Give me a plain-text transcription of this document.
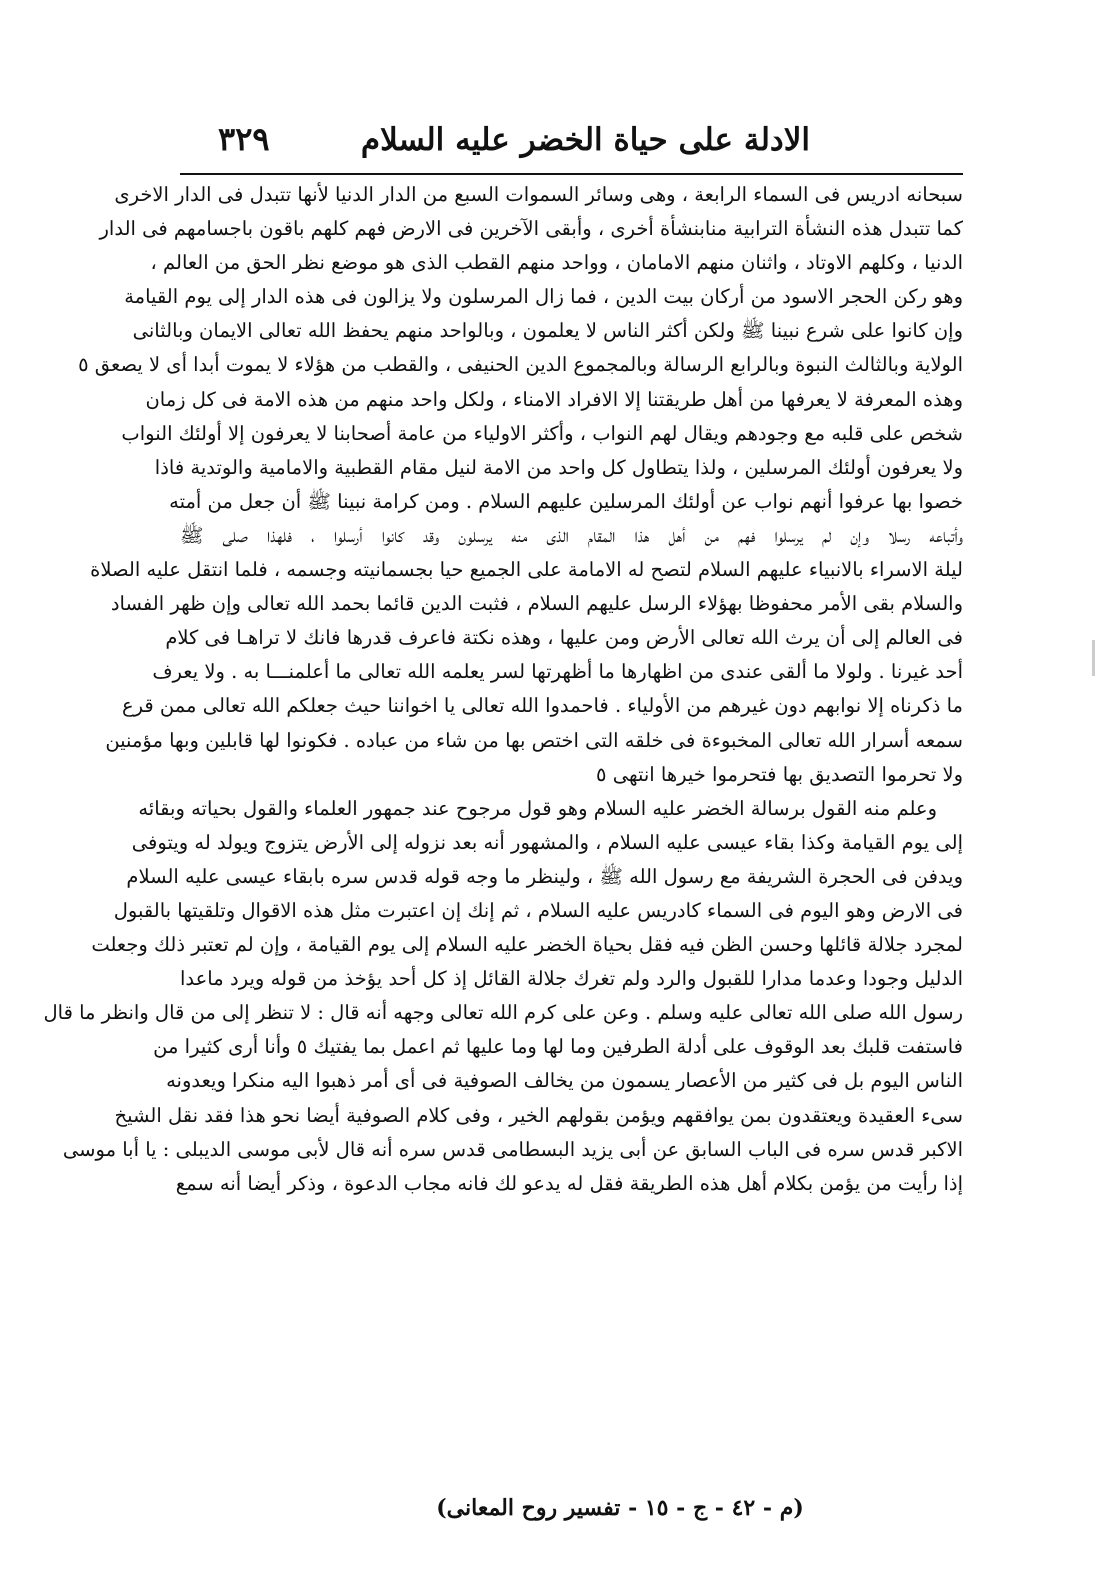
الادلة على حياة الخضر عليه السلام
٣٢٩
سبحانه ادريس فى السماء الرابعة ، وهى وسائر السموات السبع من الدار الدنيا لأنها تتبدل فى الدار الاخرى
كما تتبدل هذه النشأة الترابية منابنشأة أخرى ، وأبقى الآخرين فى الارض فهم كلهم باقون باجسامهم فى الدار
الدنيا ، وكلهم الاوتاد ، واثنان منهم الامامان ، وواحد منهم القطب الذى هو موضع نظر الحق من العالم ،
وهو ركن الحجر الاسود من أركان بيت الدين ، فما زال المرسلون ولا يزالون فى هذه الدار إلى يوم القيامة
وإن كانوا على شرع نبينا ﷺ ولكن أكثر الناس لا يعلمون ، وبالواحد منهم يحفظ الله تعالى الايمان وبالثانى
الولاية وبالثالث النبوة وبالرابع الرسالة وبالمجموع الدين الحنيفى ، والقطب من هؤلاء لا يموت أبدا أى لا يصعق ‪٥
وهذه المعرفة لا يعرفها من أهل طريقتنا إلا الافراد الامناء ، ولكل واحد منهم من هذه الامة فى كل زمان
شخص على قلبه مع وجودهم ويقال لهم النواب ، وأكثر الاولياء من عامة أصحابنا لا يعرفون إلا أولئك النواب
ولا يعرفون أولئك المرسلين ، ولذا يتطاول كل واحد من الامة لنيل مقام القطبية والامامية والوتدية فاذا
خصوا بها عرفوا أنهم نواب عن أولئك المرسلين عليهم السلام . ومن كرامة نبينا ﷺ أن جعل من أمته
وأتباعه رسلا وإن لم يرسلوا فهم من أهل هذا المقام الذى منه يرسلون وقد كانوا أرسلوا ، فلهذا صلى ﷺ
ليلة الاسراء بالانبياء عليهم السلام لتصح له الامامة على الجميع حيا بجسمانيته وجسمه ، فلما انتقل عليه الصلاة
والسلام بقى الأمر محفوظا بهؤلاء الرسل عليهم السلام ، فثبت الدين قائما بحمد الله تعالى وإن ظهر الفساد
فى العالم إلى أن يرث الله تعالى الأرض ومن عليها ، وهذه نكتة فاعرف قدرها فانك لا تراهـا فى كلام
أحد غيرنا . ولولا ما ألقى عندى من اظهارها ما أظهرتها لسر يعلمه الله تعالى ما أعلمنـــا به . ولا يعرف
ما ذكرناه إلا نوابهم دون غيرهم من الأولياء . فاحمدوا الله تعالى يا اخواننا حيث جعلكم الله تعالى ممن قرع
سمعه أسرار الله تعالى المخبوءة فى خلقه التى اختص بها من شاء من عباده . فكونوا لها قابلين وبها مؤمنين
ولا تحرموا التصديق بها فتحرموا خيرها انتهى ‪٥
وعلم منه القول برسالة الخضر عليه السلام وهو قول مرجوح عند جمهور العلماء والقول بحياته وبقائه
إلى يوم القيامة وكذا بقاء عيسى عليه السلام ، والمشهور أنه بعد نزوله إلى الأرض يتزوج ويولد له ويتوفى
ويدفن فى الحجرة الشريفة مع رسول الله ﷺ ، ولينظر ما وجه قوله قدس سره بابقاء عيسى عليه السلام
فى الارض وهو اليوم فى السماء كادريس عليه السلام ، ثم إنك إن اعتبرت مثل هذه الاقوال وتلقيتها بالقبول
لمجرد جلالة قائلها وحسن الظن فيه فقل بحياة الخضر عليه السلام إلى يوم القيامة ، وإن لم تعتبر ذلك وجعلت
الدليل وجودا وعدما مدارا للقبول والرد ولم تغرك جلالة القائل إذ كل أحد يؤخذ من قوله ويرد ماعدا
رسول الله صلى الله تعالى عليه وسلم . وعن على كرم الله تعالى وجهه أنه قال : لا تنظر إلى من قال وانظر ما قال
فاستفت قلبك بعد الوقوف على أدلة الطرفين وما لها وما عليها ثم اعمل بما يفتيك ‪٥ وأنا أرى كثيرا من
الناس اليوم بل فى كثير من الأعصار يسمون من يخالف الصوفية فى أى أمر ذهبوا اليه منكرا ويعدونه
سىء العقيدة ويعتقدون بمن يوافقهم ويؤمن بقولهم الخير ، وفى كلام الصوفية أيضا نحو هذا فقد نقل الشيخ
الاكبر قدس سره فى الباب السابق عن أبى يزيد البسطامى قدس سره أنه قال لأبى موسى الديبلى : يا أبا موسى
إذا رأيت من يؤمن بكلام أهل هذه الطريقة فقل له يدعو لك فانه مجاب الدعوة ، وذكر أيضا أنه سمع
(م - ٤٢ - ج - ١٥ - تفسير روح المعانى)
